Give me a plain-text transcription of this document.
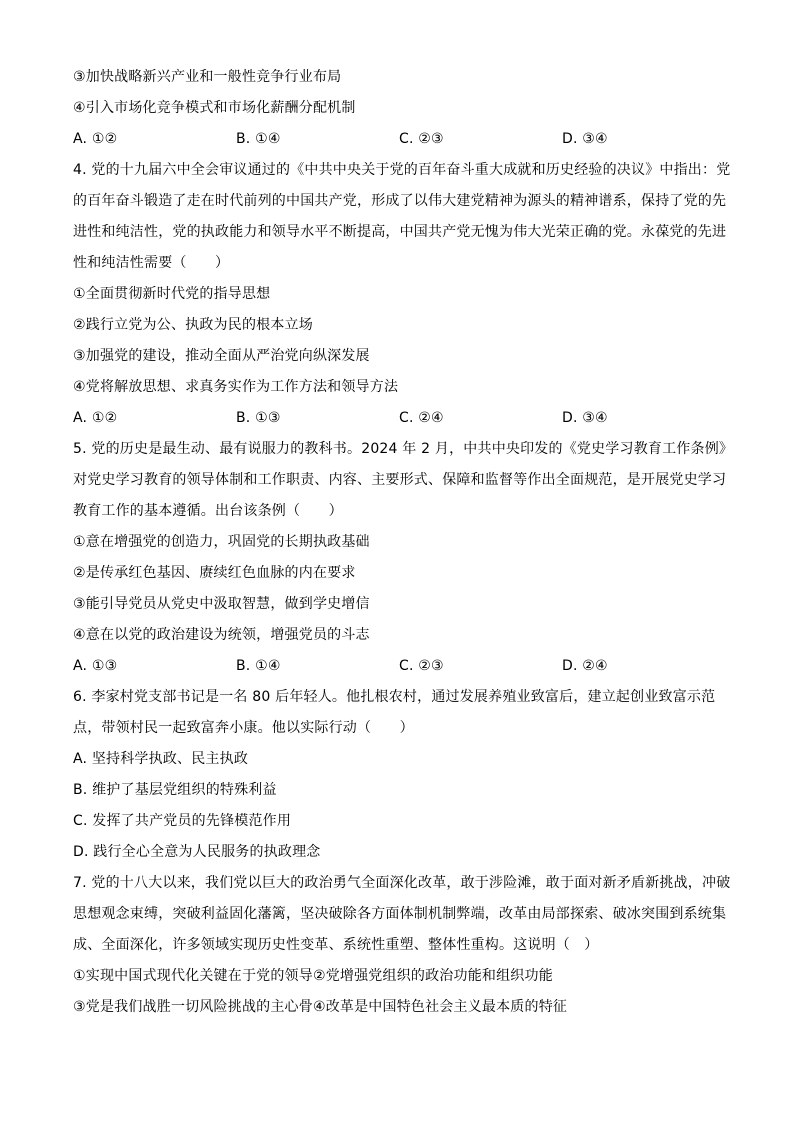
③加快战略新兴产业和一般性竞争行业布局
④引入市场化竞争模式和市场化薪酬分配机制
A. ①②	B. ①④	C. ②③	D. ③④
4. 党的十九届六中全会审议通过的《中共中央关于党的百年奋斗重大成就和历史经验的决议》中指出：党
的百年奋斗锻造了走在时代前列的中国共产党，形成了以伟大建党精神为源头的精神谱系，保持了党的先
进性和纯洁性，党的执政能力和领导水平不断提高，中国共产党无愧为伟大光荣正确的党。永葆党的先进
性和纯洁性需要（　　）
①全面贯彻新时代党的指导思想
②践行立党为公、执政为民的根本立场
③加强党的建设，推动全面从严治党向纵深发展
④党将解放思想、求真务实作为工作方法和领导方法
A. ①②	B. ①③	C. ②④	D. ③④
5. 党的历史是最生动、最有说服力的教科书。2024 年 2 月，中共中央印发的《党史学习教育工作条例》
对党史学习教育的领导体制和工作职责、内容、主要形式、保障和监督等作出全面规范，是开展党史学习
教育工作的基本遵循。出台该条例（　　）
①意在增强党的创造力，巩固党的长期执政基础
②是传承红色基因、赓续红色血脉的内在要求
③能引导党员从党史中汲取智慧，做到学史增信
④意在以党的政治建设为统领，增强党员的斗志
A. ①③	B. ①④	C. ②③	D. ②④
6. 李家村党支部书记是一名 80 后年轻人。他扎根农村，通过发展养殖业致富后，建立起创业致富示范
点，带领村民一起致富奔小康。他以实际行动（　　）
A. 坚持科学执政、民主执政
B. 维护了基层党组织的特殊利益
C. 发挥了共产党员的先锋模范作用
D. 践行全心全意为人民服务的执政理念
7. 党的十八大以来，我们党以巨大的政治勇气全面深化改革，敢于涉险滩，敢于面对新矛盾新挑战，冲破
思想观念束缚，突破利益固化藩篱，坚决破除各方面体制机制弊端，改革由局部探索、破冰突围到系统集
成、全面深化，许多领域实现历史性变革、系统性重塑、整体性重构。这说明（　）
①实现中国式现代化关键在于党的领导②党增强党组织的政治功能和组织功能
③党是我们战胜一切风险挑战的主心骨④改革是中国特色社会主义最本质的特征
